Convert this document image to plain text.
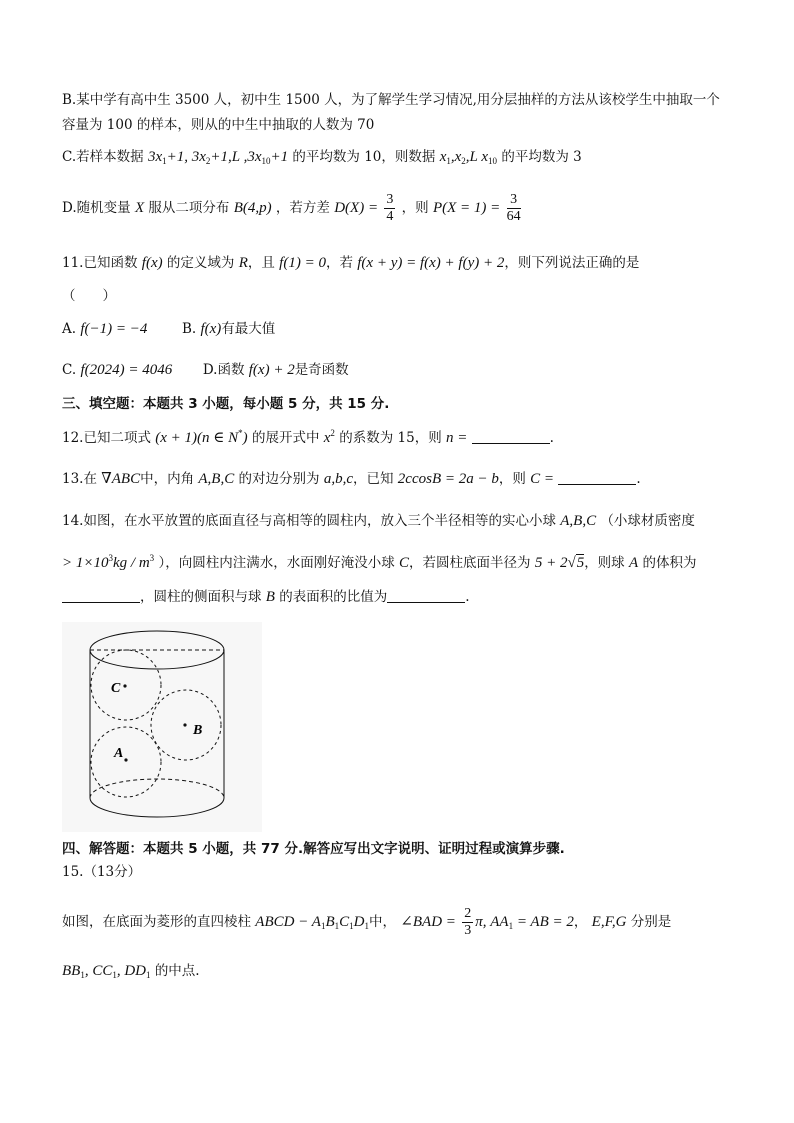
B.某中学有高中生 3500 人，初中生 1500 人，为了解学生学习情况,用分层抽样的方法从该校学生中抽取一个
容量为 100 的样本，则从的中生中抽取的人数为 70
C.若样本数据 $3x_1+1$, $3x_2+1,L$ $,3x_{10}+1$ 的平均数为 10，则数据 $x_1,x_2,L$ $x_{10}$ 的平均数为 3
D.随机变量 X 服从二项分布 B(4,p) ，若方差 $D(X) = \frac{3}{4}$ ，则 $P(X = 1) = \frac{3}{64}$
11.已知函数 f(x) 的定义域为 R，且 f(1) = 0，若 f(x + y) = f(x) + f(y) + 2，则下列说法正确的是
（　　）
A. f(−1) = −4	B. f(x)有最大值
C. f(2024) = 4046 D.函数 f(x) + 2是奇函数
三、填空题：本题共 3 小题，每小题 5 分，共 15 分.
12.已知二项式 (x + 1)(n ∈ N*) 的展开式中 $x^2$ 的系数为 15，则 n =	.
13.在 ∇ABC中，内角 A,B,C 的对边分别为 a,b,c，已知 2ccosB = 2a − b，则 C =	.
14.如图，在水平放置的底面直径与高相等的圆柱内，放入三个半径相等的实心小球 A,B,C （小球材质密度
> $1\times 10^3kg / m^3$ ），向圆柱内注满水，水面刚好淹没小球 C，若圆柱底面半径为 5 + 2√5，则球 A 的体积为
，圆柱的侧面积与球 B 的表面积的比值为	.
C
B
A
四、解答题：本题共 5 小题，共 77 分.解答应写出文字说明、证明过程或演算步骤.
15.（13分）
如图，在底面为菱形的直四棱柱 ABCD − $A_1B_1C_1D_1$中， ∠BAD = $\frac{2}{3} \pi$, $AA_1$ = AB = 2， E,F,G 分别是
$BB_1$, $CC_1$, $DD_1$ 的中点.
